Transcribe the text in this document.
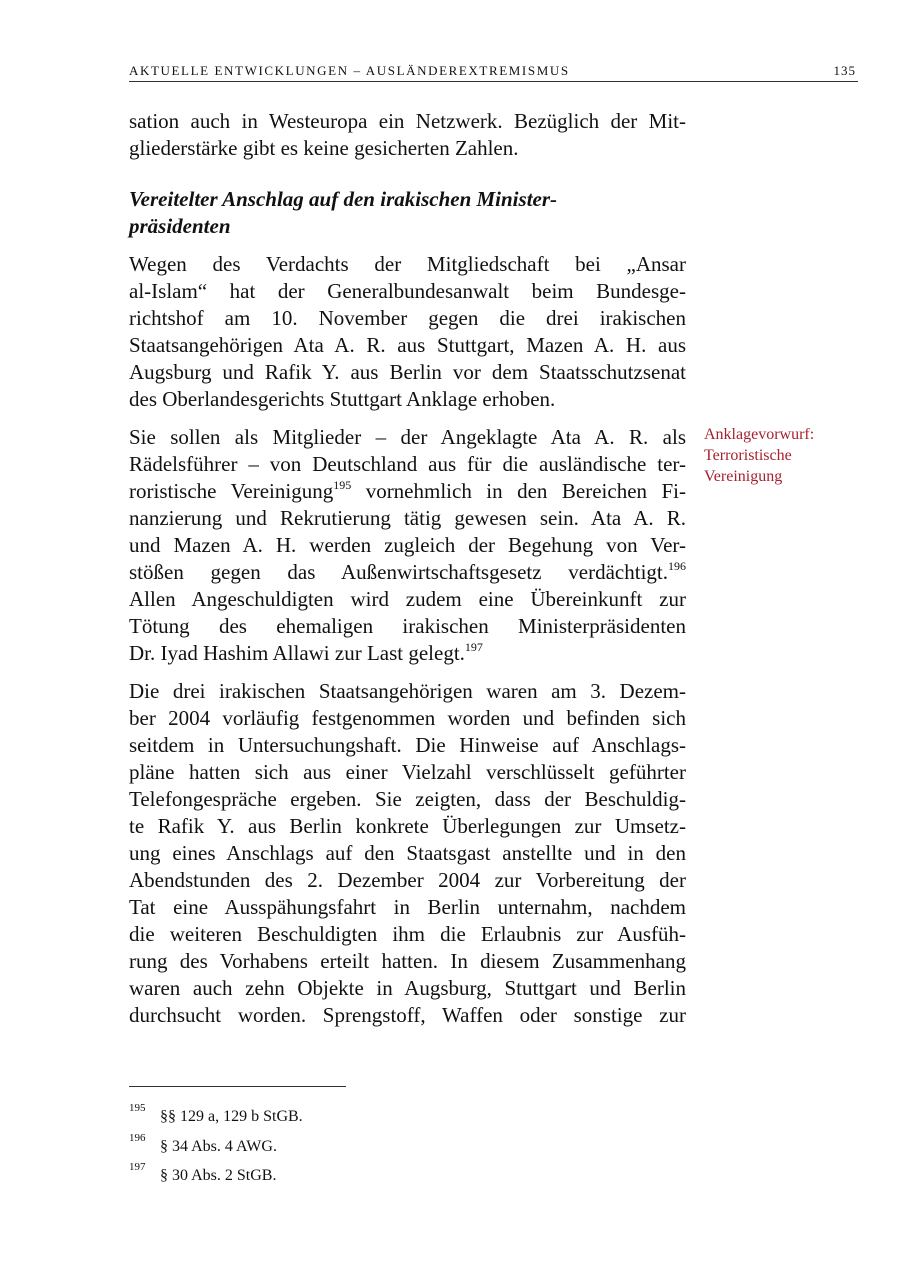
AKTUELLE ENTWICKLUNGEN – AUSLÄNDEREXTREMISMUS	135

sation auch in Westeuropa ein Netzwerk. Bezüglich der Mit-
gliederstärke gibt es keine gesicherten Zahlen.

Vereitelter Anschlag auf den irakischen Minister-
präsidenten

Wegen des Verdachts der Mitgliedschaft bei „Ansar
al-Islam“ hat der Generalbundesanwalt beim Bundesge-
richtshof am 10. November gegen die drei irakischen
Staatsangehörigen Ata A. R. aus Stuttgart, Mazen A. H. aus
Augsburg und Rafik Y. aus Berlin vor dem Staatsschutzsenat
des Oberlandesgerichts Stuttgart Anklage erhoben.

Sie sollen als Mitglieder – der Angeklagte Ata A. R. als
Rädelsführer – von Deutschland aus für die ausländische ter-
roristische Vereinigung$^{195}$ vornehmlich in den Bereichen Fi-
nanzierung und Rekrutierung tätig gewesen sein. Ata A. R.
und Mazen A. H. werden zugleich der Begehung von Ver-
stößen gegen das Außenwirtschaftsgesetz verdächtigt.$^{196}$
Allen Angeschuldigten wird zudem eine Übereinkunft zur
Tötung des ehemaligen irakischen Ministerpräsidenten
Dr. Iyad Hashim Allawi zur Last gelegt.$^{197}$

Anklagevorwurf:
Terroristische
Vereinigung

Die drei irakischen Staatsangehörigen waren am 3. Dezem-
ber 2004 vorläufig festgenommen worden und befinden sich
seitdem in Untersuchungshaft. Die Hinweise auf Anschlags-
pläne hatten sich aus einer Vielzahl verschlüsselt geführter
Telefongespräche ergeben. Sie zeigten, dass der Beschuldig-
te Rafik Y. aus Berlin konkrete Überlegungen zur Umsetz-
ung eines Anschlags auf den Staatsgast anstellte und in den
Abendstunden des 2. Dezember 2004 zur Vorbereitung der
Tat eine Ausspähungsfahrt in Berlin unternahm, nachdem
die weiteren Beschuldigten ihm die Erlaubnis zur Ausfüh-
rung des Vorhabens erteilt hatten. In diesem Zusammenhang
waren auch zehn Objekte in Augsburg, Stuttgart und Berlin
durchsucht worden. Sprengstoff, Waffen oder sonstige zur

195 §§ 129 a, 129 b StGB.
196 § 34 Abs. 4 AWG.
197 § 30 Abs. 2 StGB.
